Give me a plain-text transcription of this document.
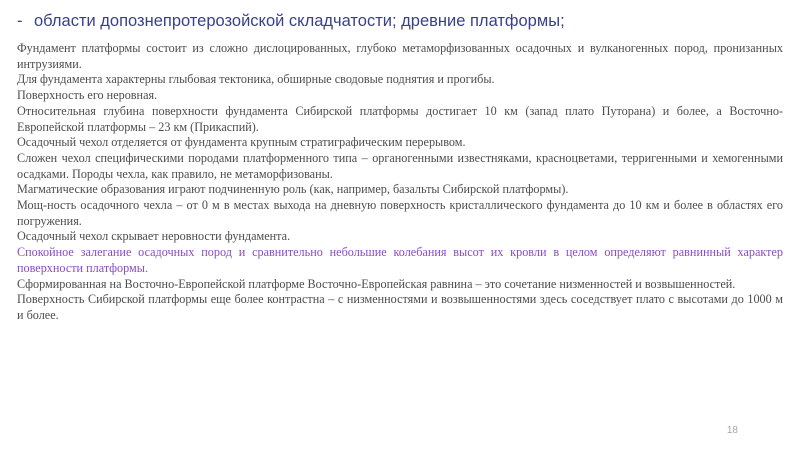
- области допознепротерозойской складчатости; древние платформы;

Фундамент платформы состоит из сложно дислоцированных, глубоко метаморфизованных осадочных и вулканогенных пород, пронизанных интрузиями.

Для фундамента характерны глыбовая тектоника, обширные сводовые поднятия и прогибы.

Поверхность его неровная.

Относительная глубина поверхности фундамента Сибирской платформы достигает 10 км (запад плато Путорана) и более, а Восточно-Европейской платформы – 23 км (Прикаспий).

Осадочный чехол отделяется от фундамента крупным стратиграфическим перерывом.

Сложен чехол специфическими породами платформенного типа – органогенными известняками, красноцветами, терригенными и хемогенными осадками. Породы чехла, как правило, не метаморфизованы.

Магматические образования играют подчиненную роль (как, например, базальты Сибирской платформы).

Мощ-ность осадочного чехла – от 0 м в местах выхода на дневную поверхность кристаллического фундамента до 10 км и более в областях его погружения.

Осадочный чехол скрывает неровности фундамента.

Спокойное залегание осадочных пород и сравнительно небольшие колебания высот их кровли в целом определяют равнинный характер поверхности платформы.

Сформированная на Восточно-Европейской платформе Восточно-Европейская равнина – это сочетание низменностей и возвышенностей.

Поверхность Сибирской платформы еще более контрастна – с низменностями и возвышенностями здесь соседствует плато с высотами до 1000 м и более.

18
